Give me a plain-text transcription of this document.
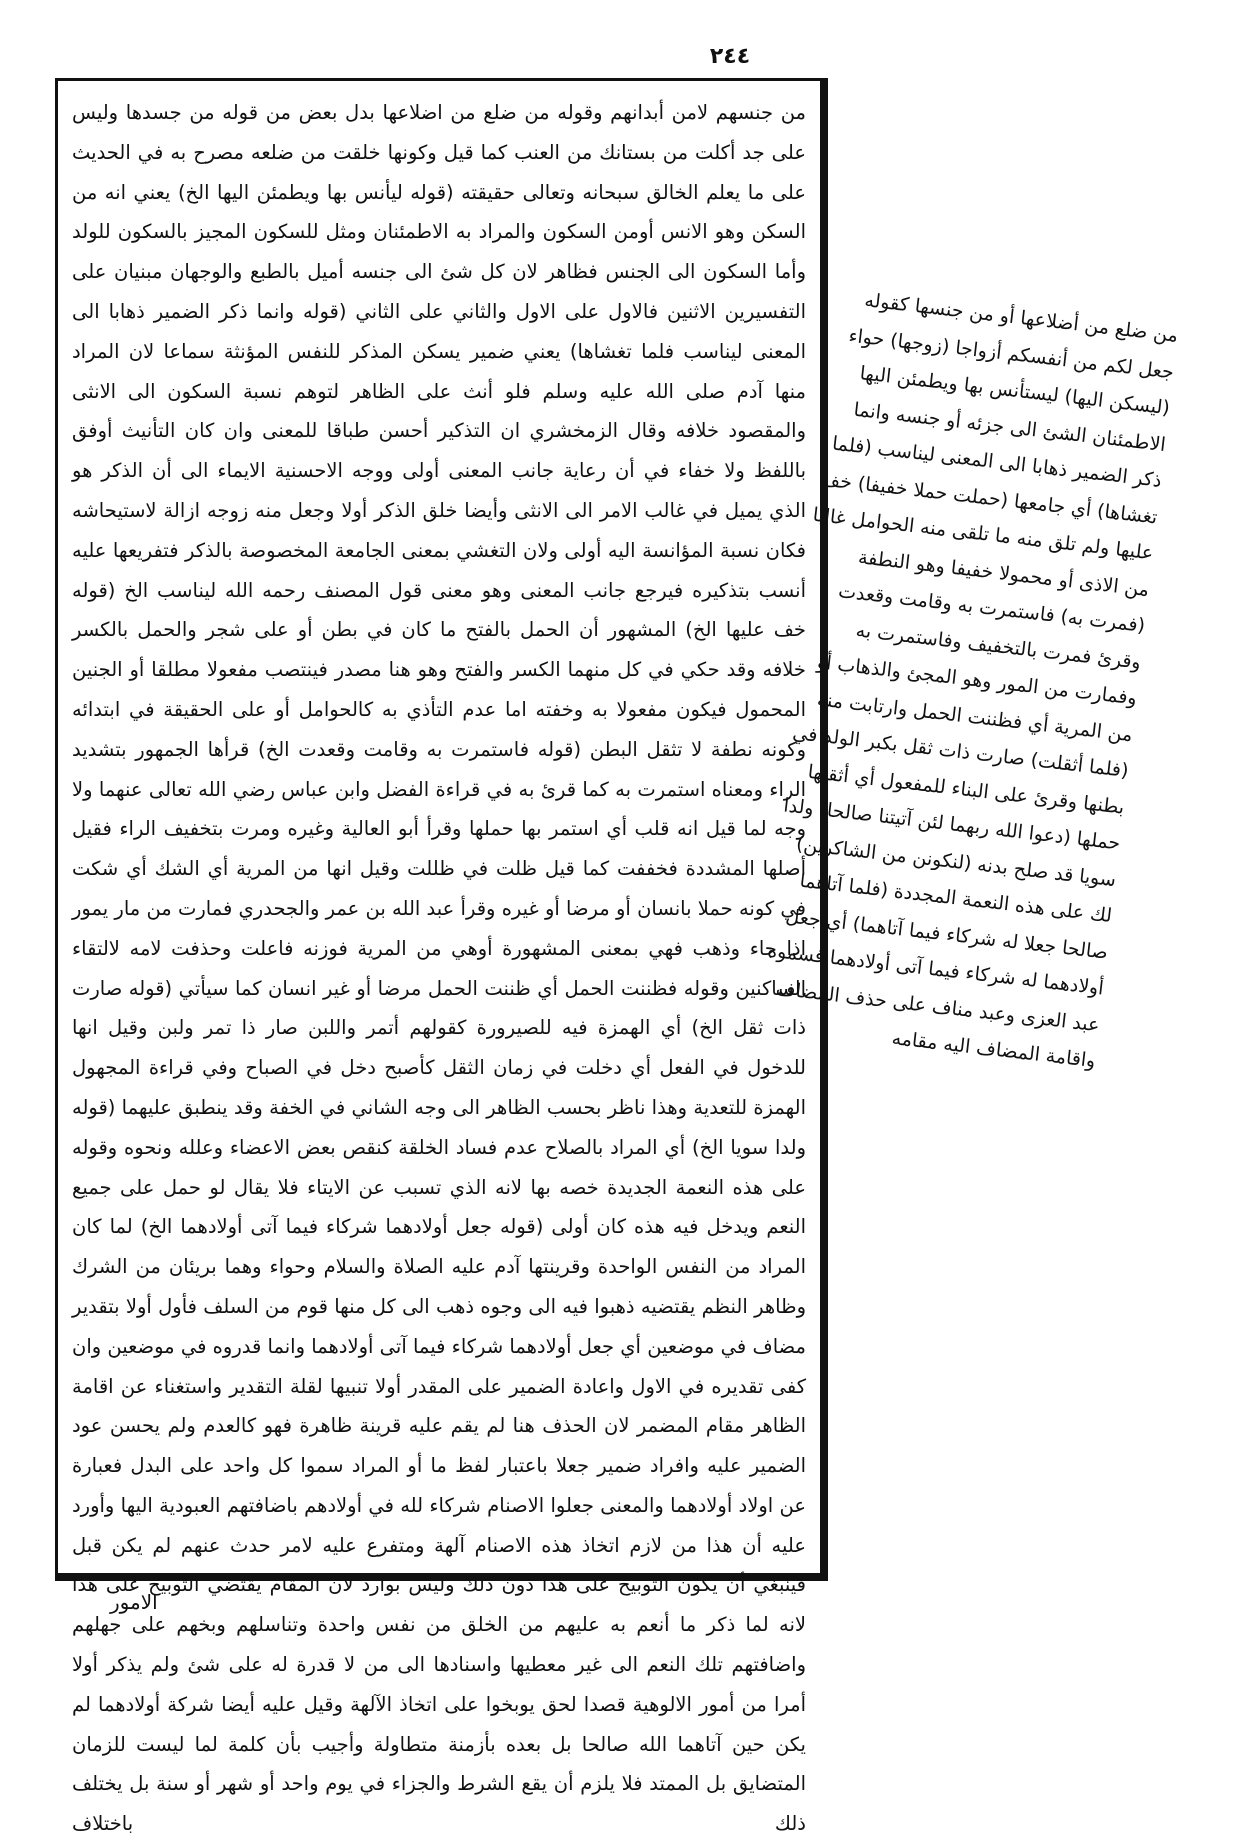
٢٤٤

من جنسهم لامن أبدانهم وقوله من ضلع من اضلاعها بدل بعض من قوله من جسدها وليس على جد أكلت من بستانك من العنب كما قيل وكونها خلقت من ضلعه مصرح به في الحديث على ما يعلم الخالق سبحانه وتعالى حقيقته (قوله ليأنس بها ويطمئن اليها الخ) يعني انه من السكن وهو الانس أومن السكون والمراد به الاطمئنان ومثل للسكون المجيز بالسكون للولد وأما السكون الى الجنس فظاهر لان كل شئ الى جنسه أميل بالطبع والوجهان مبنيان على التفسيرين الاثنين فالاول على الاول والثاني على الثاني (قوله وانما ذكر الضمير ذهابا الى المعنى ليناسب فلما تغشاها) يعني ضمير يسكن المذكر للنفس المؤنثة سماعا لان المراد منها آدم صلى الله عليه وسلم فلو أنث على الظاهر لتوهم نسبة السكون الى الانثى والمقصود خلافه وقال الزمخشري ان التذكير أحسن طباقا للمعنى وان كان التأنيث أوفق باللفظ ولا خفاء في أن رعاية جانب المعنى أولى ووجه الاحسنية الايماء الى أن الذكر هو الذي يميل في غالب الامر الى الانثى وأيضا خلق الذكر أولا وجعل منه زوجه ازالة لاستيحاشه فكان نسبة المؤانسة اليه أولى ولان التغشي بمعنى الجامعة المخصوصة بالذكر فتفريعها عليه أنسب بتذكيره فيرجع جانب المعنى وهو معنى قول المصنف رحمه الله ليناسب الخ (قوله خف عليها الخ) المشهور أن الحمل بالفتح ما كان في بطن أو على شجر والحمل بالكسر خلافه وقد حكي في كل منهما الكسر والفتح وهو هنا مصدر فينتصب مفعولا مطلقا أو الجنين المحمول فيكون مفعولا به وخفته اما عدم التأذي به كالحوامل أو على الحقيقة في ابتدائه وكونه نطفة لا تثقل البطن (قوله فاستمرت به وقامت وقعدت الخ) قرأها الجمهور بتشديد الراء ومعناه استمرت به كما قرئ به في قراءة الفضل وابن عباس رضي الله تعالى عنهما ولا وجه لما قيل انه قلب أي استمر بها حملها وقرأ أبو العالية وغيره ومرت بتخفيف الراء فقيل أصلها المشددة فخففت كما قيل ظلت في ظللت وقيل انها من المرية أي الشك أي شكت في كونه حملا بانسان أو مرضا أو غيره وقرأ عبد الله بن عمر والجحدري فمارت من مار يمور اذا جاء وذهب فهي بمعنى المشهورة أوهي من المرية فوزنه فاعلت وحذفت لامه لالتقاء الساكنين وقوله فظننت الحمل أي ظننت الحمل مرضا أو غير انسان كما سيأتي (قوله صارت ذات ثقل الخ) أي الهمزة فيه للصيرورة كقولهم أتمر واللبن صار ذا تمر ولبن وقيل انها للدخول في الفعل أي دخلت في زمان الثقل كأصبح دخل في الصباح وفي قراءة المجهول الهمزة للتعدية وهذا ناظر بحسب الظاهر الى وجه الشاني في الخفة وقد ينطبق عليهما (قوله ولدا سويا الخ) أي المراد بالصلاح عدم فساد الخلقة كنقص بعض الاعضاء وعلله ونحوه وقوله على هذه النعمة الجديدة خصه بها لانه الذي تسبب عن الايتاء فلا يقال لو حمل على جميع النعم ويدخل فيه هذه كان أولى (قوله جعل أولادهما شركاء فيما آتى أولادهما الخ) لما كان المراد من النفس الواحدة وقرينتها آدم عليه الصلاة والسلام وحواء وهما بريئان من الشرك وظاهر النظم يقتضيه ذهبوا فيه الى وجوه ذهب الى كل منها قوم من السلف فأول أولا بتقدير مضاف في موضعين أي جعل أولادهما شركاء فيما آتى أولادهما وانما قدروه في موضعين وان كفى تقديره في الاول واعادة الضمير على المقدر أولا تنبيها لقلة التقدير واستغناء عن اقامة الظاهر مقام المضمر لان الحذف هنا لم يقم عليه قرينة ظاهرة فهو كالعدم ولم يحسن عود الضمير عليه وافراد ضمير جعلا باعتبار لفظ ما أو المراد سموا كل واحد على البدل فعبارة عن اولاد أولادهما والمعنى جعلوا الاصنام شركاء لله في أولادهم باضافتهم العبودية اليها وأورد عليه أن هذا من لازم اتخاذ هذه الاصنام آلهة ومتفرع عليه لامر حدث عنهم لم يكن قبل فينبغي أن يكون التوبيخ على هذا دون ذلك وليس بوارد لان المقام يقتضي التوبيخ على هذا لانه لما ذكر ما أنعم به عليهم من الخلق من نفس واحدة وتناسلهم وبخهم على جهلهم واضافتهم تلك النعم الى غير معطيها واسنادها الى من لا قدرة له على شئ ولم يذكر أولا أمرا من أمور الالوهية قصدا لحق يوبخوا على اتخاذ الآلهة وقيل عليه أيضا شركة أولادهما لم يكن حين آتاهما الله صالحا بل بعده بأزمنة متطاولة وأجيب بأن كلمة لما ليست للزمان المتضايق بل الممتد فلا يلزم أن يقع الشرط والجزاء في يوم واحد أو شهر أو سنة بل يختلف ذلك باختلاف

من ضلع من أضلاعها أو من جنسها كقوله جعل لكم من أنفسكم أزواجا (زوجها) حواء (ليسكن اليها) ليستأنس بها ويطمئن اليها الاطمئنان الشئ الى جزئه أو جنسه وانما ذكر الضمير ذهابا الى المعنى ليناسب (فلما تغشاها) أي جامعها (حملت حملا خفيفا) خف عليها ولم تلق منه ما تلقى منه الحوامل غالبا من الاذى أو محمولا خفيفا وهو النطفة (فمرت به) فاستمرت به وقامت وقعدت وقرئ فمرت بالتخفيف وفاستمرت به وفمارت من المور وهو المجئ والذهاب أو من المرية أي فظننت الحمل وارتابت منه (فلما أثقلت) صارت ذات ثقل بكبر الولد في بطنها وقرئ على البناء للمفعول أي أثقلها حملها (دعوا الله ربهما لئن آتيتنا صالحا) ولدا سويا قد صلح بدنه (لنكونن من الشاكرين) لك على هذه النعمة المجددة (فلما آتاهما صالحا جعلا له شركاء فيما آتاهما) أي جعل أولادهما له شركاء فيما آتى أولادهما فسموه عبد العزى وعبد مناف على حذف المضاف واقامة المضاف اليه مقامه

الامور
